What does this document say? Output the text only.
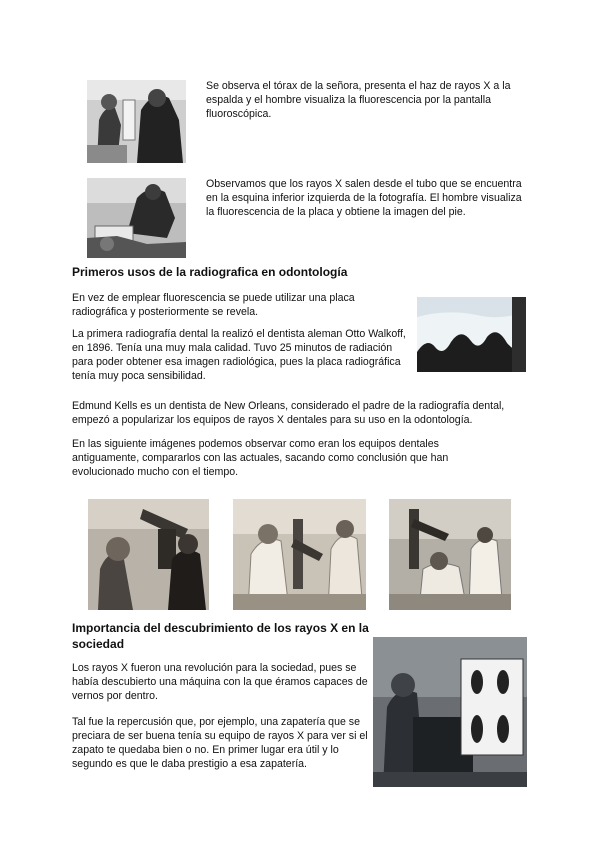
Se observa el tórax de la señora, presenta el haz de rayos X a la espalda y el hombre visualiza la fluorescencia por la pantalla fluoroscópica.

Observamos que los rayos X salen desde el tubo que se encuentra en la esquina inferior izquierda de la fotografía. El hombre visualiza la fluorescencia de la placa y obtiene la imagen del pie.

Primeros usos de la radiografica en odontología

En vez de emplear fluorescencia se puede utilizar una placa radiográfica y posteriormente se revela.

La primera radiografía dental la realizó el dentista aleman Otto Walkoff, en 1896. Tenía una muy mala calidad. Tuvo 25 minutos de radiación para poder obtener esa imagen radiológica, pues la placa radiográfica tenía muy poca sensibilidad.

Edmund Kells es un dentista de New Orleans, considerado el padre de la radiografía dental, empezó a popularizar los equipos de rayos X dentales para su uso en la odontología.

En las siguiente imágenes podemos observar como eran los equipos dentales antiguamente, compararlos con las actuales, sacando como conclusión que han evolucionado mucho con el tiempo.

Importancia del descubrimiento de los rayos X en la sociedad

Los rayos X fueron una revolución para la sociedad, pues se había descubierto una máquina con la que éramos capaces de vernos por dentro.

Tal fue la repercusión que, por ejemplo, una zapatería que se preciara de ser buena tenía su equipo de rayos X para ver si el zapato te quedaba bien o no. En primer lugar era útil y lo segundo es que le daba prestigio a esa zapatería.
